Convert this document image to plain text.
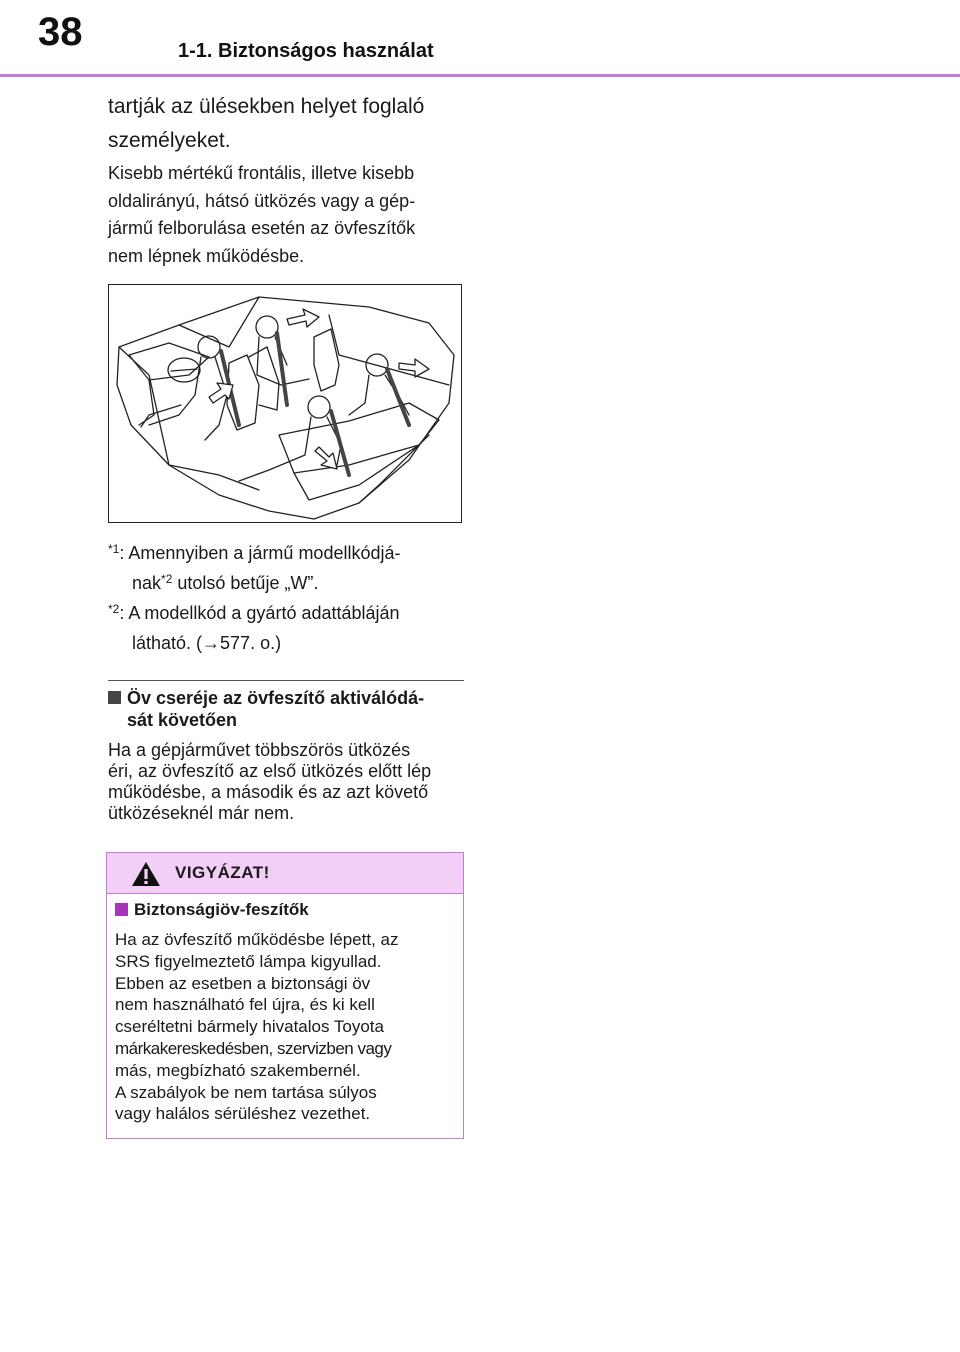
38	1-1. Biztonságos használat
tartják az ülésekben helyet foglaló
személyeket.
Kisebb mértékű frontális, illetve kisebb
oldalirányú, hátsó ütközés vagy a gép-
jármű felborulása esetén az övfeszítők
nem lépnek működésbe.
$^{*1}$: Amennyiben a jármű modellkódjá-
nak$^{*2}$ utolsó betűje „W”.
$^{*2}$: A modellkód a gyártó adattábláján
látható. (→577. o.)
Öv cseréje az övfeszítő aktiválódá-
sát követően
Ha a gépjárművet többszörös ütközés
éri, az övfeszítő az első ütközés előtt lép
működésbe, a második és az azt követő
ütközéseknél már nem.
VIGYÁZAT!
Biztonságiöv-feszítők
Ha az övfeszítő működésbe lépett, az
SRS figyelmeztető lámpa kigyullad.
Ebben az esetben a biztonsági öv
nem használható fel újra, és ki kell
cseréltetni bármely hivatalos Toyota
márkakereskedésben, szervizben vagy
más, megbízható szakembernél.
A szabályok be nem tartása súlyos
vagy halálos sérüléshez vezethet.
